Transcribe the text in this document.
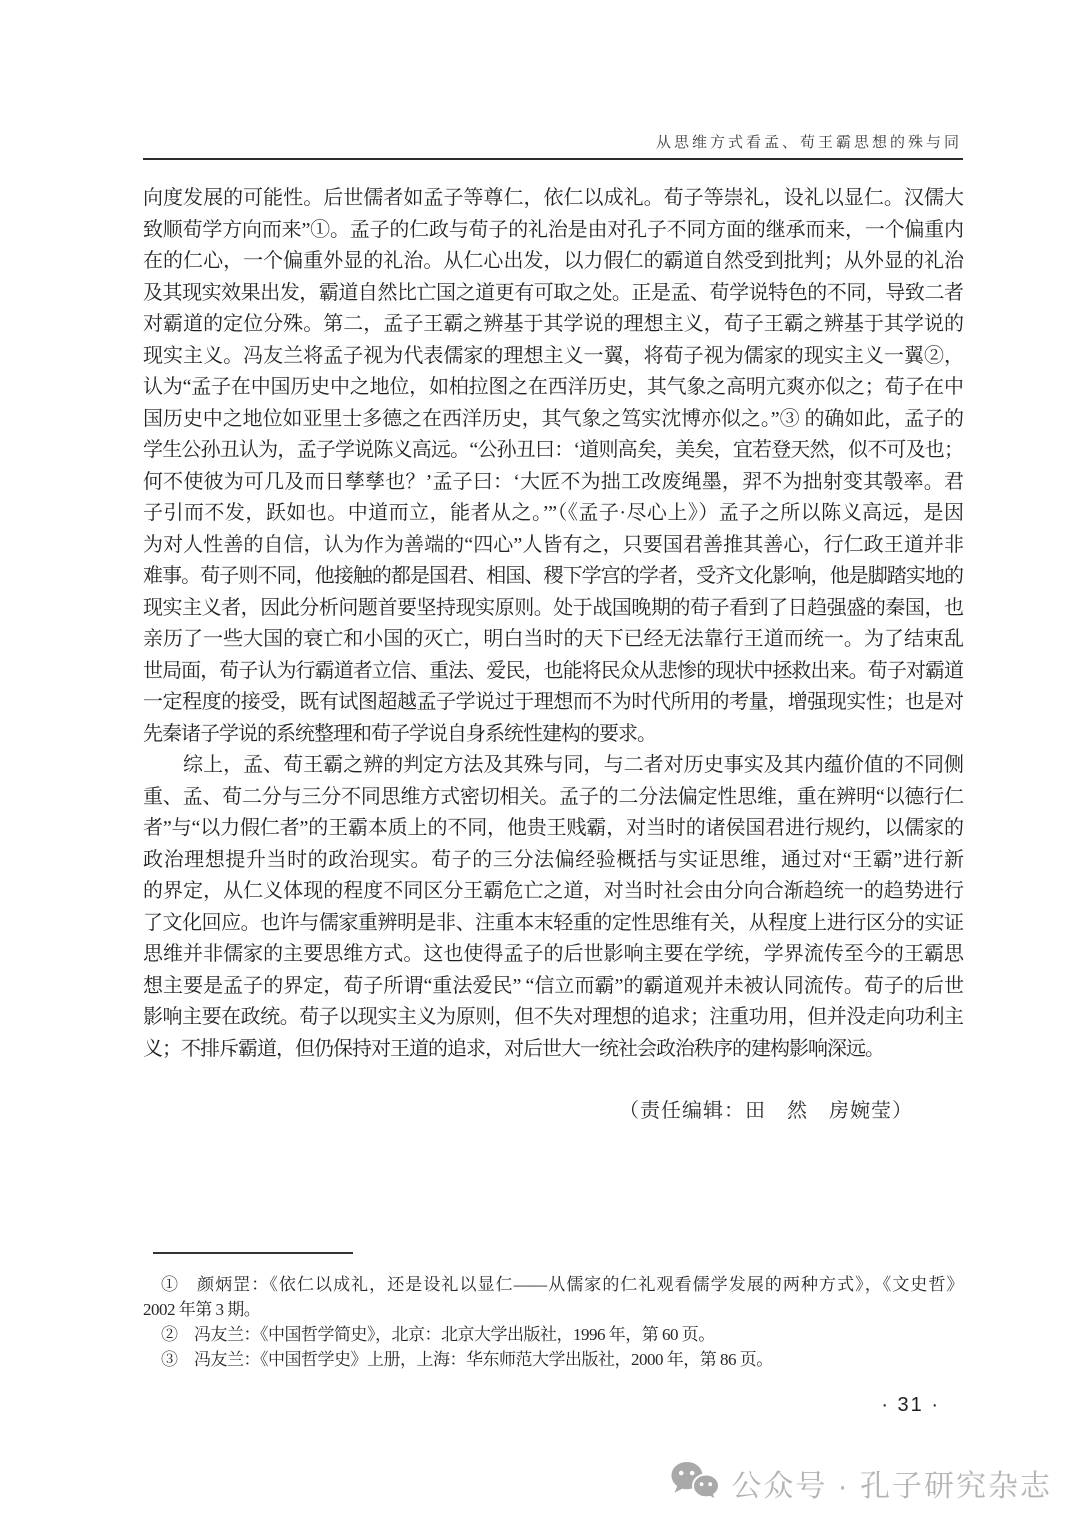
从思维方式看孟、荀王霸思想的殊与同
向度发展的可能性。后世儒者如孟子等尊仁，依仁以成礼。荀子等崇礼，设礼以显仁。汉儒大
致顺荀学方向而来”①。孟子的仁政与荀子的礼治是由对孔子不同方面的继承而来，一个偏重内
在的仁心，一个偏重外显的礼治。从仁心出发，以力假仁的霸道自然受到批判；从外显的礼治
及其现实效果出发，霸道自然比亡国之道更有可取之处。正是孟、荀学说特色的不同，导致二者
对霸道的定位分殊。第二，孟子王霸之辨基于其学说的理想主义，荀子王霸之辨基于其学说的
现实主义。冯友兰将孟子视为代表儒家的理想主义一翼，将荀子视为儒家的现实主义一翼②，
认为“孟子在中国历史中之地位，如柏拉图之在西洋历史，其气象之高明亢爽亦似之；荀子在中
国历史中之地位如亚里士多德之在西洋历史，其气象之笃实沈博亦似之。”③ 的确如此，孟子的
学生公孙丑认为，孟子学说陈义高远。“公孙丑曰：‘道则高矣，美矣，宜若登天然，似不可及也；
何不使彼为可几及而日孳孳也？’孟子曰：‘大匠不为拙工改废绳墨，羿不为拙射变其彀率。君
子引而不发，跃如也。中道而立，能者从之。’”（《孟子·尽心上》）孟子之所以陈义高远，是因
为对人性善的自信，认为作为善端的“四心”人皆有之，只要国君善推其善心，行仁政王道并非
难事。荀子则不同，他接触的都是国君、相国、稷下学宫的学者，受齐文化影响，他是脚踏实地的
现实主义者，因此分析问题首要坚持现实原则。处于战国晚期的荀子看到了日趋强盛的秦国，也
亲历了一些大国的衰亡和小国的灭亡，明白当时的天下已经无法靠行王道而统一。为了结束乱
世局面，荀子认为行霸道者立信、重法、爱民，也能将民众从悲惨的现状中拯救出来。荀子对霸道
一定程度的接受，既有试图超越孟子学说过于理想而不为时代所用的考量，增强现实性；也是对
先秦诸子学说的系统整理和荀子学说自身系统性建构的要求。
　　综上，孟、荀王霸之辨的判定方法及其殊与同，与二者对历史事实及其内蕴价值的不同侧
重、孟、荀二分与三分不同思维方式密切相关。孟子的二分法偏定性思维，重在辨明“以德行仁
者”与“以力假仁者”的王霸本质上的不同，他贵王贱霸，对当时的诸侯国君进行规约，以儒家的
政治理想提升当时的政治现实。荀子的三分法偏经验概括与实证思维，通过对“王霸”进行新
的界定，从仁义体现的程度不同区分王霸危亡之道，对当时社会由分向合渐趋统一的趋势进行
了文化回应。也许与儒家重辨明是非、注重本末轻重的定性思维有关，从程度上进行区分的实证
思维并非儒家的主要思维方式。这也使得孟子的后世影响主要在学统，学界流传至今的王霸思
想主要是孟子的界定，荀子所谓“重法爱民” “信立而霸”的霸道观并未被认同流传。荀子的后世
影响主要在政统。荀子以现实主义为原则，但不失对理想的追求；注重功用，但并没走向功利主
义；不排斥霸道，但仍保持对王道的追求，对后世大一统社会政治秩序的建构影响深远。
（责任编辑：田　然　房婉莹）
①　颜炳罡：《依仁以成礼，还是设礼以显仁——从儒家的仁礼观看儒学发展的两种方式》，《文史哲》
2002 年第 3 期。
②　冯友兰：《中国哲学简史》，北京：北京大学出版社，1996 年，第 60 页。
③　冯友兰：《中国哲学史》上册，上海：华东师范大学出版社，2000 年，第 86 页。
· 31 ·
公众号 · 孔子研究杂志
